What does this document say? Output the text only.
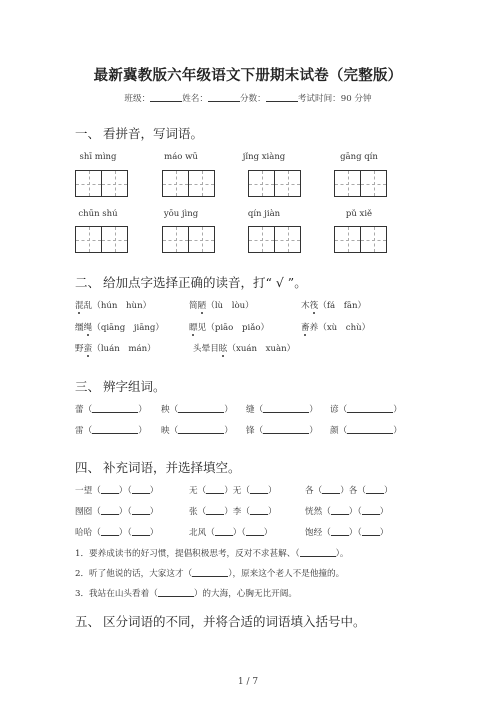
最新冀教版六年级语文下册期末试卷（完整版）
班级：	姓名：	分数：	考试时间：90 分钟
一、 看拼音，写词语。
shī mìng	máo wū	jǐng xiàng	gāng qín
chūn shú	yōu jìng	qín jiàn	pǔ xiě
二、 给加点字选择正确的读音，打“ √ ”。
混乱（hún　hùn）	简陋（lù　lòu）	木筏（fá　fān）
缰绳（qiāng　jiāng）	瞟见（piāo　piǎo）	畜养（xù　chù）
野蛮（luán　mán）	头晕目眩（xuán　xuàn）
三、 辨字组词。
蕾（	） 秧（	） 缝（	） 谚（	）
雷（	） 映（	） 锋（	） 颜（	）
四、 补充词语，并选择填空。
一望（ ）（ ）	无（ ）无（ ）	各（ ）各（ ）
囫囵（ ）（ ）	张（ ）李（ ）	恍然（ ）（ ）
哈哈（ ）（ ）	北风（ ）（ ）	饱经（ ）（ ）
1．要养成读书的好习惯，提倡积极思考，反对不求甚解、（	）。
2．听了他说的话，大家这才（	），原来这个老人不是他撞的。
3．我站在山头看着（	）的大海，心胸无比开阔。
五、 区分词语的不同，并将合适的词语填入括号中。
1 / 7
